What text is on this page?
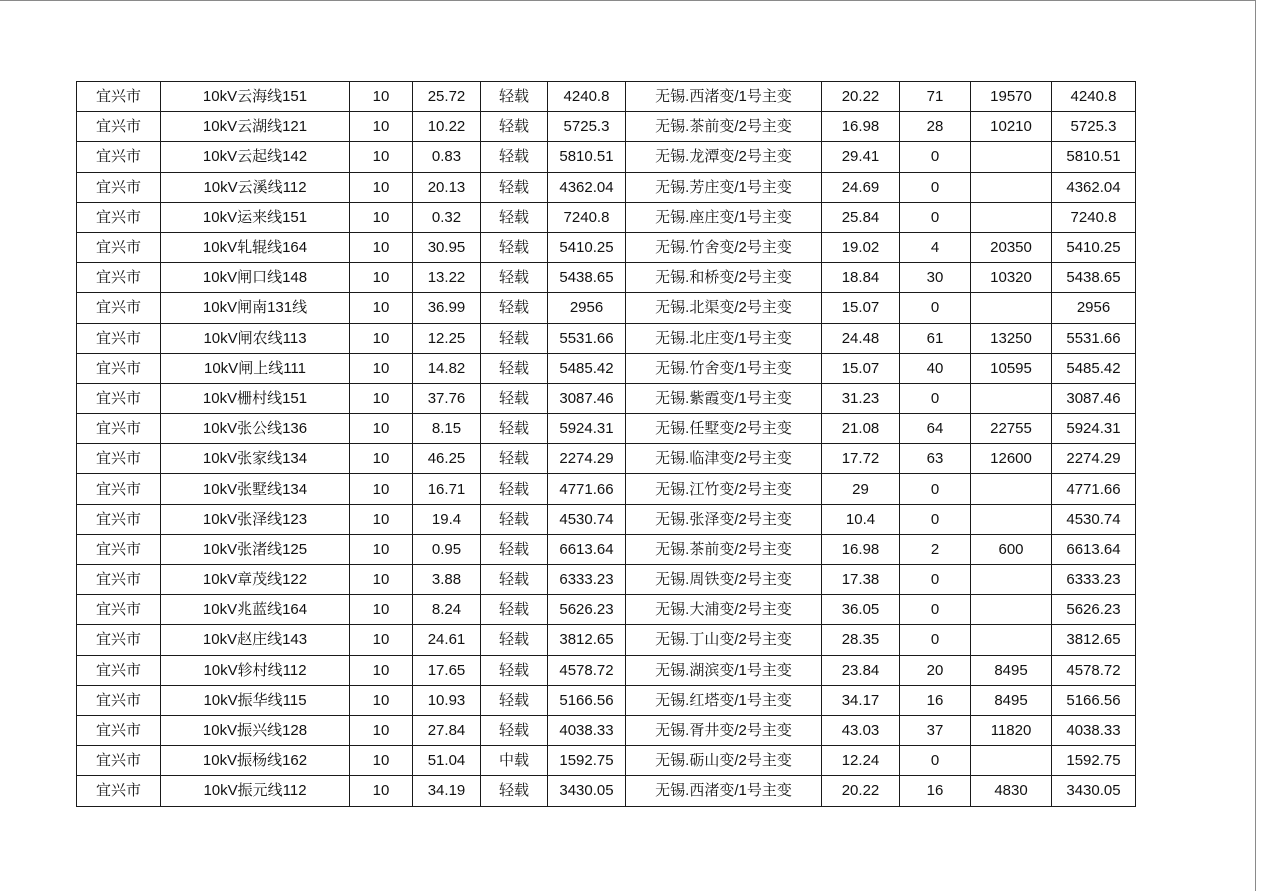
宜兴市	10kV云海线151	10	25.72	轻载	4240.8	无锡.西渚变/1号主变	20.22	71	19570	4240.8
宜兴市	10kV云湖线121	10	10.22	轻载	5725.3	无锡.茶前变/2号主变	16.98	28	10210	5725.3
宜兴市	10kV云起线142	10	0.83	轻载	5810.51	无锡.龙潭变/2号主变	29.41	0		5810.51
宜兴市	10kV云溪线112	10	20.13	轻载	4362.04	无锡.芳庄变/1号主变	24.69	0		4362.04
宜兴市	10kV运来线151	10	0.32	轻载	7240.8	无锡.座庄变/1号主变	25.84	0		7240.8
宜兴市	10kV轧辊线164	10	30.95	轻载	5410.25	无锡.竹舍变/2号主变	19.02	4	20350	5410.25
宜兴市	10kV闸口线148	10	13.22	轻载	5438.65	无锡.和桥变/2号主变	18.84	30	10320	5438.65
宜兴市	10kV闸南131线	10	36.99	轻载	2956	无锡.北渠变/2号主变	15.07	0		2956
宜兴市	10kV闸农线113	10	12.25	轻载	5531.66	无锡.北庄变/1号主变	24.48	61	13250	5531.66
宜兴市	10kV闸上线111	10	14.82	轻载	5485.42	无锡.竹舍变/1号主变	15.07	40	10595	5485.42
宜兴市	10kV栅村线151	10	37.76	轻载	3087.46	无锡.紫霞变/1号主变	31.23	0		3087.46
宜兴市	10kV张公线136	10	8.15	轻载	5924.31	无锡.任墅变/2号主变	21.08	64	22755	5924.31
宜兴市	10kV张家线134	10	46.25	轻载	2274.29	无锡.临津变/2号主变	17.72	63	12600	2274.29
宜兴市	10kV张墅线134	10	16.71	轻载	4771.66	无锡.江竹变/2号主变	29	0		4771.66
宜兴市	10kV张泽线123	10	19.4	轻载	4530.74	无锡.张泽变/2号主变	10.4	0		4530.74
宜兴市	10kV张渚线125	10	0.95	轻载	6613.64	无锡.茶前变/2号主变	16.98	2	600	6613.64
宜兴市	10kV章茂线122	10	3.88	轻载	6333.23	无锡.周铁变/2号主变	17.38	0		6333.23
宜兴市	10kV兆蓝线164	10	8.24	轻载	5626.23	无锡.大浦变/2号主变	36.05	0		5626.23
宜兴市	10kV赵庄线143	10	24.61	轻载	3812.65	无锡.丁山变/2号主变	28.35	0		3812.65
宜兴市	10kV轸村线112	10	17.65	轻载	4578.72	无锡.湖滨变/1号主变	23.84	20	8495	4578.72
宜兴市	10kV振华线115	10	10.93	轻载	5166.56	无锡.红塔变/1号主变	34.17	16	8495	5166.56
宜兴市	10kV振兴线128	10	27.84	轻载	4038.33	无锡.胥井变/2号主变	43.03	37	11820	4038.33
宜兴市	10kV振杨线162	10	51.04	中载	1592.75	无锡.砺山变/2号主变	12.24	0		1592.75
宜兴市	10kV振元线112	10	34.19	轻载	3430.05	无锡.西渚变/1号主变	20.22	16	4830	3430.05
